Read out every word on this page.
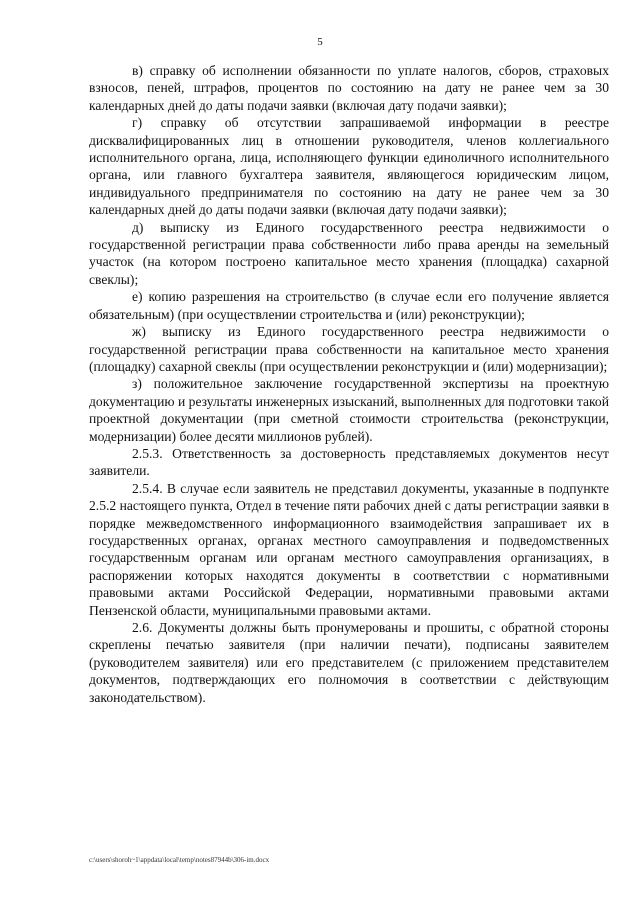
5

в) справку об исполнении обязанности по уплате налогов, сборов, страховых взносов, пеней, штрафов, процентов по состоянию на дату не ранее чем за 30 календарных дней до даты подачи заявки (включая дату подачи заявки);

г) справку об отсутствии запрашиваемой информации в реестре дисквалифицированных лиц в отношении руководителя, членов коллегиального исполнительного органа, лица, исполняющего функции единоличного исполнительного органа, или главного бухгалтера заявителя, являющегося юридическим лицом, индивидуального предпринимателя по состоянию на дату не ранее чем за 30 календарных дней до даты подачи заявки (включая дату подачи заявки);

д) выписку из Единого государственного реестра недвижимости о государственной регистрации права собственности либо права аренды на земельный участок (на котором построено капитальное место хранения (площадка) сахарной свеклы);

е) копию разрешения на строительство (в случае если его получение является обязательным) (при осуществлении строительства и (или) реконструкции);

ж) выписку из Единого государственного реестра недвижимости о государственной регистрации права собственности на капитальное место хранения (площадку) сахарной свеклы (при осуществлении реконструкции и (или) модернизации);

з) положительное заключение государственной экспертизы на проектную документацию и результаты инженерных изысканий, выполненных для подготовки такой проектной документации (при сметной стоимости строительства (реконструкции, модернизации) более десяти миллионов рублей).

2.5.3. Ответственность за достоверность представляемых документов несут заявители.

2.5.4. В случае если заявитель не представил документы, указанные в подпункте 2.5.2 настоящего пункта, Отдел в течение пяти рабочих дней с даты регистрации заявки в порядке межведомственного информационного взаимодействия запрашивает их в государственных органах, органах местного самоуправления и подведомственных государственным органам или органам местного самоуправления организациях, в распоряжении которых находятся документы в соответствии с нормативными правовыми актами Российской Федерации, нормативными правовыми актами Пензенской области, муниципальными правовыми актами.

2.6. Документы должны быть пронумерованы и прошиты, с обратной стороны скреплены печатью заявителя (при наличии печати), подписаны заявителем (руководителем заявителя) или его представителем (с приложением представителем документов, подтверждающих его полномочия в соответствии с действующим законодательством).

c:\users\shoroh~1\appdata\local\temp\notes87944b\306-im.docx
